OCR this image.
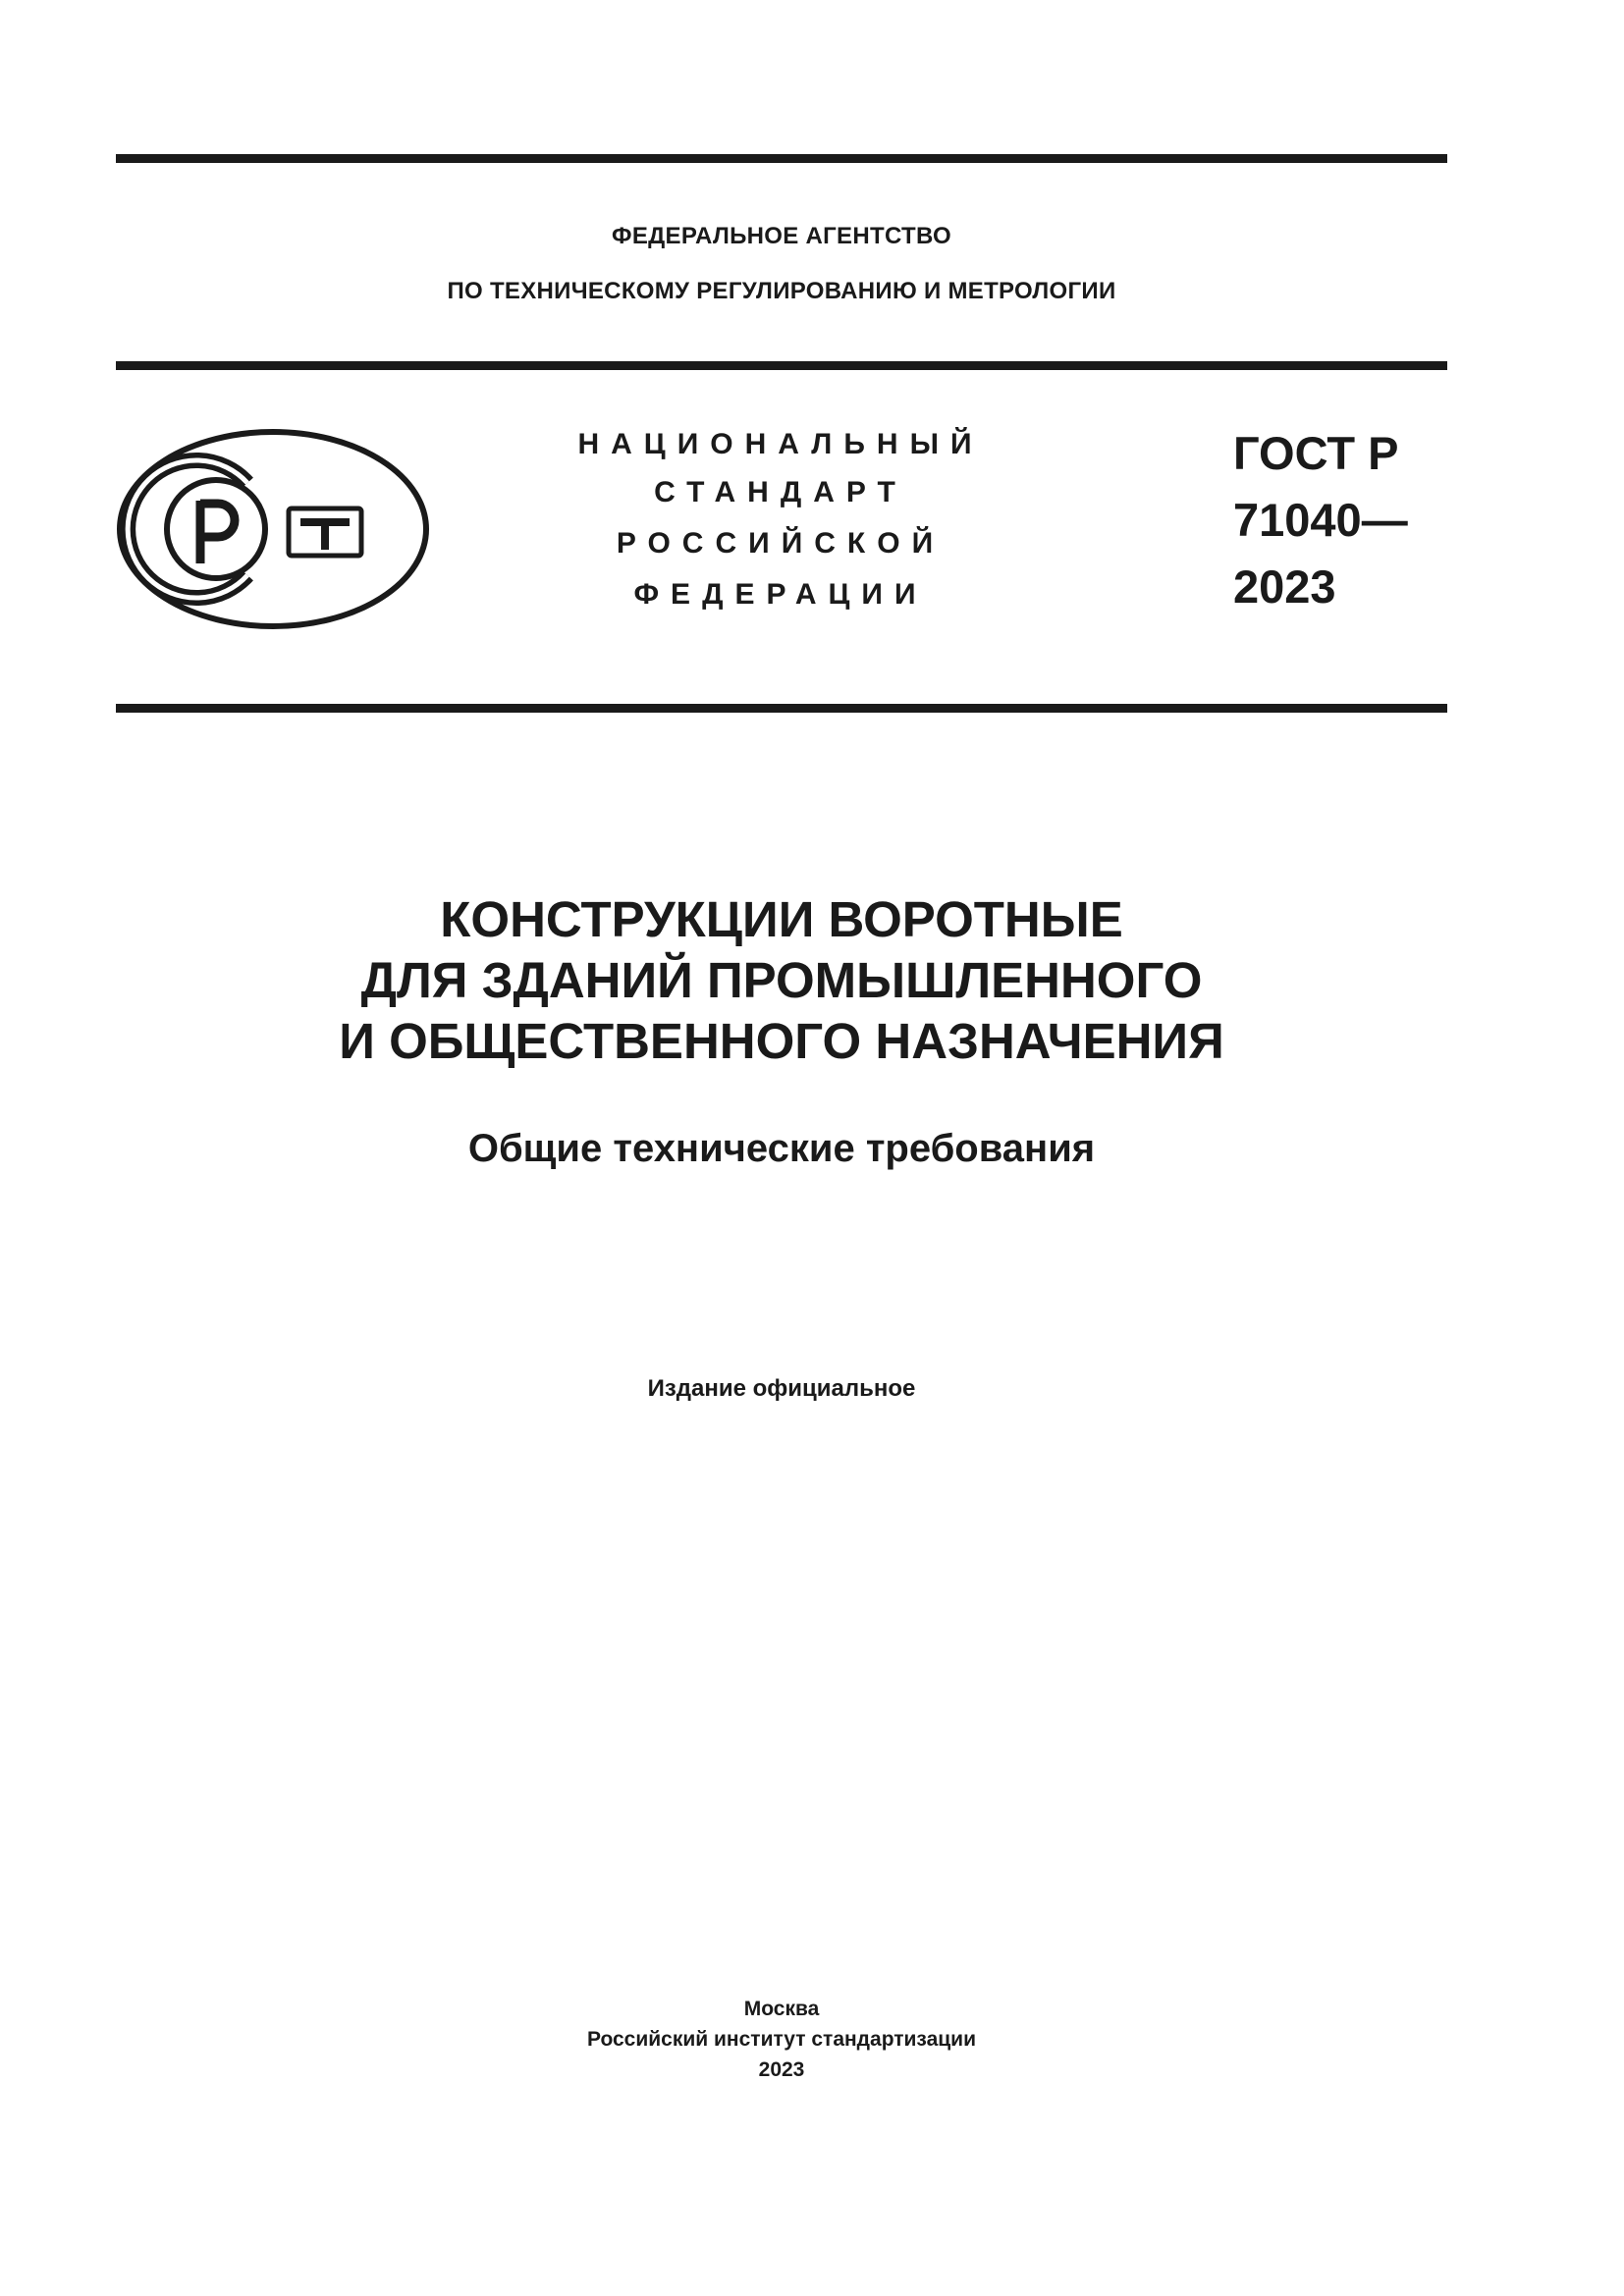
ФЕДЕРАЛЬНОЕ АГЕНТСТВО
ПО ТЕХНИЧЕСКОМУ РЕГУЛИРОВАНИЮ И МЕТРОЛОГИИ
НАЦИОНАЛЬНЫЙ
СТАНДАРТ
РОССИЙСКОЙ
ФЕДЕРАЦИИ
ГОСТ Р
71040—
2023
КОНСТРУКЦИИ ВОРОТНЫЕ
ДЛЯ ЗДАНИЙ ПРОМЫШЛЕННОГО
И ОБЩЕСТВЕННОГО НАЗНАЧЕНИЯ
Общие технические требования
Издание официальное
Москва
Российский институт стандартизации
2023
